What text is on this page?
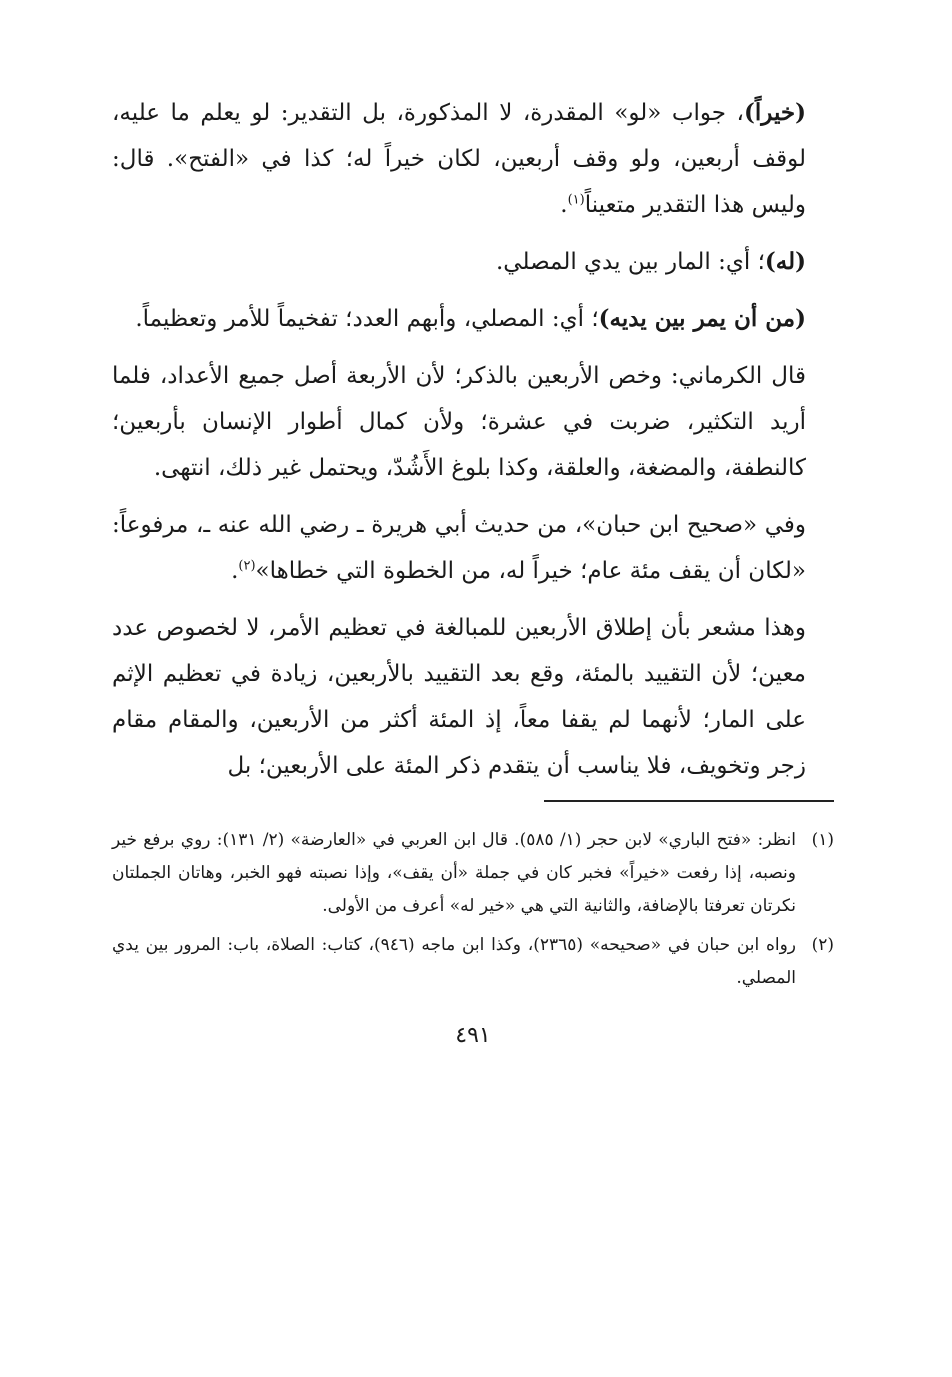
(خيراً)، جواب «لو» المقدرة، لا المذكورة، بل التقدير: لو يعلم ما عليه، لوقف أربعين، ولو وقف أربعين، لكان خيراً له؛ كذا في «الفتح». قال: وليس هذا التقدير متعيناً$^{(١)}$.

(له)؛ أي: المار بين يدي المصلي.

(من أن يمر بين يديه)؛ أي: المصلي، وأبهم العدد؛ تفخيماً للأمر وتعظيماً.

قال الكرماني: وخص الأربعين بالذكر؛ لأن الأربعة أصل جميع الأعداد، فلما أريد التكثير، ضربت في عشرة؛ ولأن كمال أطوار الإنسان بأربعين؛ كالنطفة، والمضغة، والعلقة، وكذا بلوغ الأَشُدّ، ويحتمل غير ذلك، انتهى.

وفي «صحيح ابن حبان»، من حديث أبي هريرة ـ رضي الله عنه ـ، مرفوعاً: «لكان أن يقف مئة عام؛ خيراً له، من الخطوة التي خطاها»$^{(٢)}$.

وهذا مشعر بأن إطلاق الأربعين للمبالغة في تعظيم الأمر، لا لخصوص عدد معين؛ لأن التقييد بالمئة، وقع بعد التقييد بالأربعين، زيادة في تعظيم الإثم على المار؛ لأنهما لم يقفا معاً، إذ المئة أكثر من الأربعين، والمقام مقام زجر وتخويف، فلا يناسب أن يتقدم ذكر المئة على الأربعين؛ بل

(١)
انظر: «فتح الباري» لابن حجر (١/ ٥٨٥). قال ابن العربي في «العارضة» (٢/ ١٣١): روي برفع خير ونصبه، إذا رفعت «خيراً» فخبر كان في جملة «أن يقف»، وإذا نصبته فهو الخبر، وهاتان الجملتان نكرتان تعرفتا بالإضافة، والثانية التي هي «خير له» أعرف من الأولى.
(٢)
رواه ابن حبان في «صحيحه» (٢٣٦٥)، وكذا ابن ماجه (٩٤٦)، كتاب: الصلاة، باب: المرور بين يدي المصلي.
٤٩١
